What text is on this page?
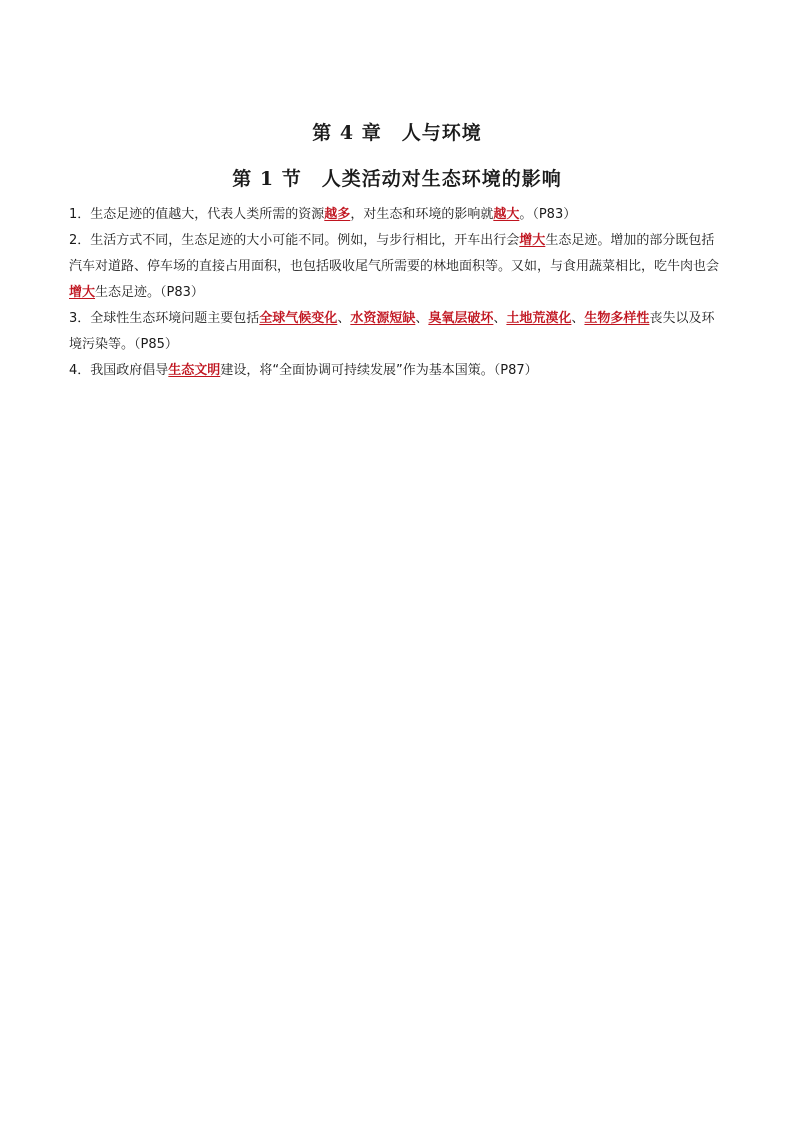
第 4 章　人与环境
第 1 节　人类活动对生态环境的影响

1．生态足迹的值越大，代表人类所需的资源越多，对生态和环境的影响就越大。（P83）

2．生活方式不同，生态足迹的大小可能不同。例如，与步行相比，开车出行会增大生态足迹。增加的部分既包括汽车对道路、停车场的直接占用面积，也包括吸收尾气所需要的林地面积等。又如，与食用蔬菜相比，吃牛肉也会增大生态足迹。（P83）

3．全球性生态环境问题主要包括全球气候变化、水资源短缺、臭氧层破坏、土地荒漠化、生物多样性丧失以及环境污染等。（P85）

4．我国政府倡导生态文明建设，将“全面协调可持续发展”作为基本国策。（P87）
